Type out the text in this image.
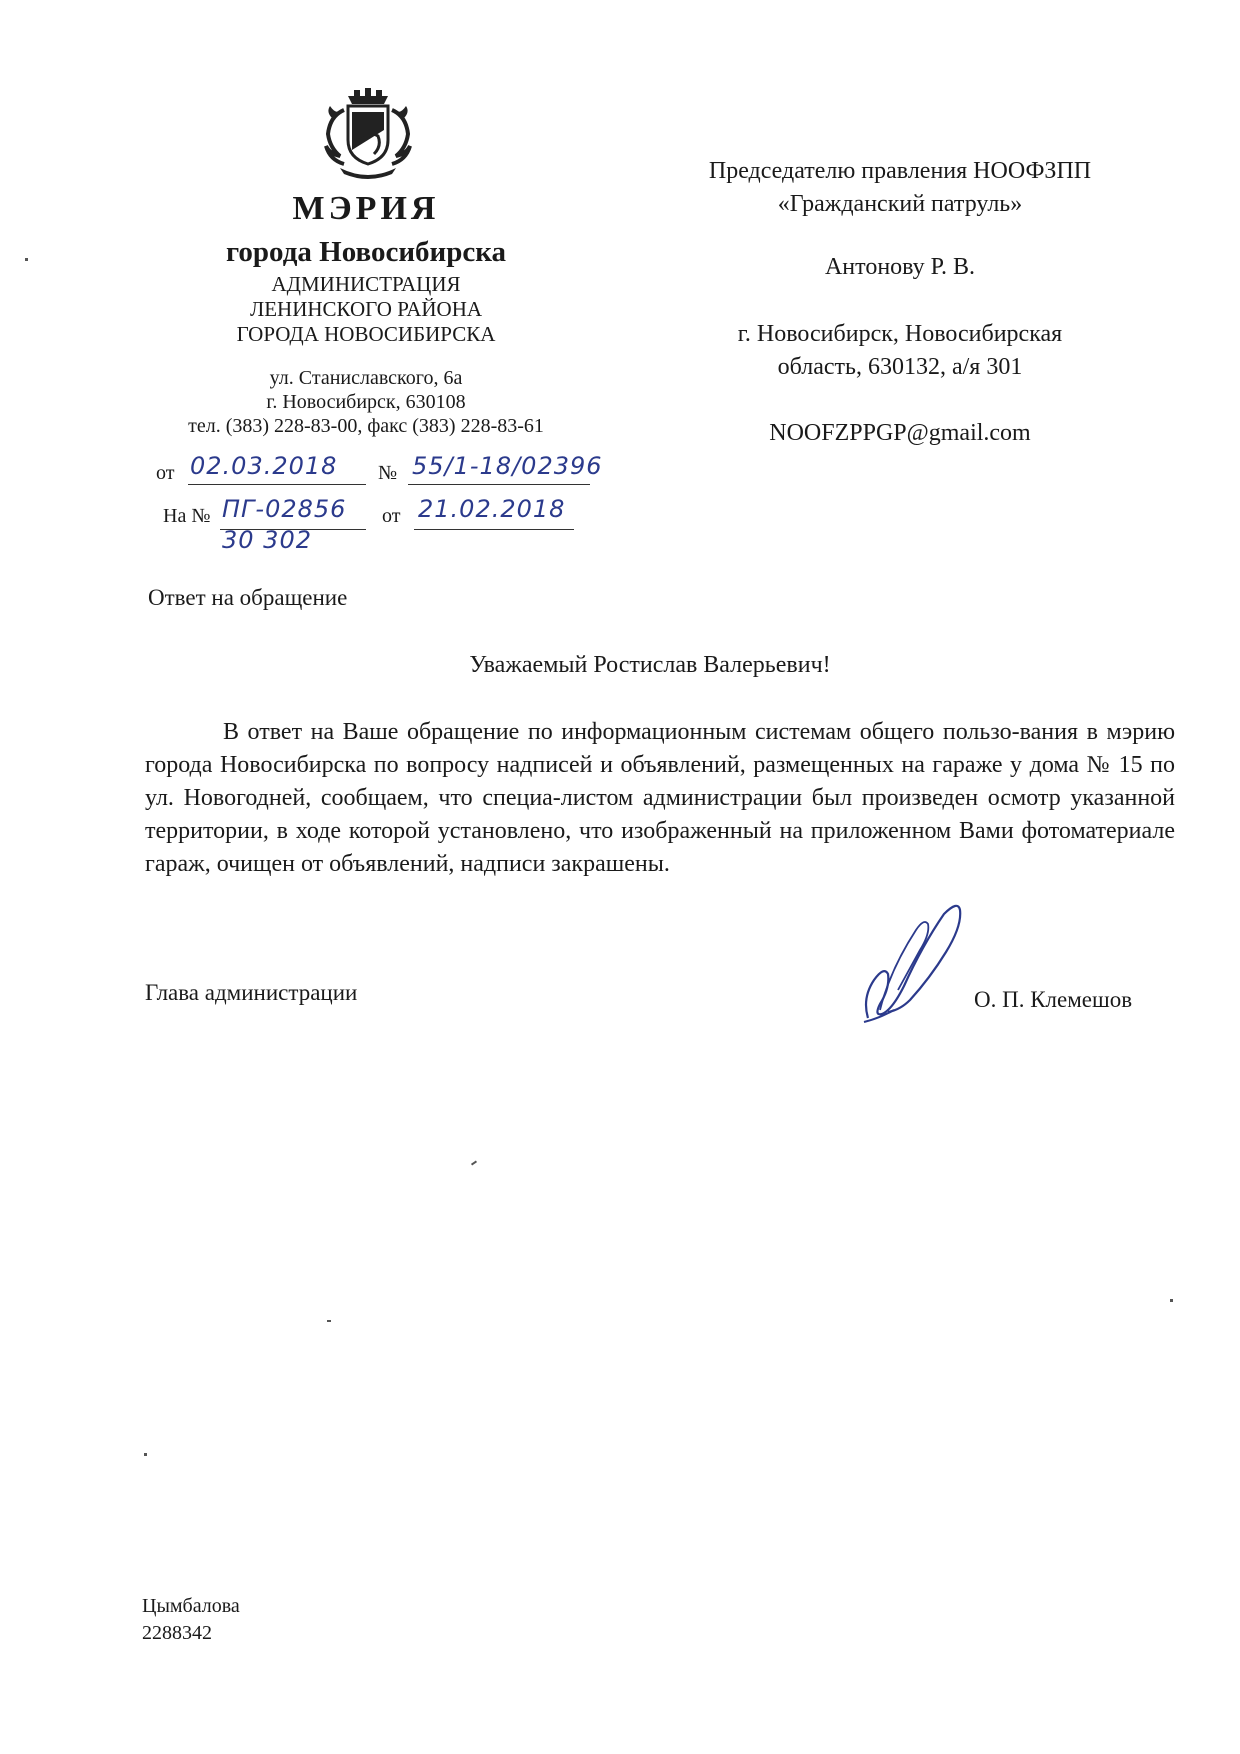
МЭРИЯ
города Новосибирска
АДМИНИСТРАЦИЯ
ЛЕНИНСКОГО РАЙОНА
ГОРОДА НОВОСИБИРСКА
ул. Станиславского, 6а
г. Новосибирск, 630108
тел. (383) 228-83-00, факс (383) 228-83-61
от 02.03.2018 № 55/1-18/02396
На № ПГ-02856
30 302
от 21.02.2018
Председателю правления НООФЗПП
«Гражданский патруль»
Антонову Р. В.
г. Новосибирск, Новосибирская
область, 630132, а/я 301
NOOFZPPGP@gmail.com
Ответ на обращение
Уважаемый Ростислав Валерьевич!
В ответ на Ваше обращение по информационным системам общего пользо-вания в мэрию города Новосибирска по вопросу надписей и объявлений, размещенных на гараже у дома № 15 по ул. Новогодней, сообщаем, что специа-листом администрации был произведен осмотр указанной территории, в ходе которой установлено, что изображенный на приложенном Вами фотоматериале гараж, очищен от объявлений, надписи закрашены.
Глава администрации	О. П. Клемешов
Цымбалова
2288342
